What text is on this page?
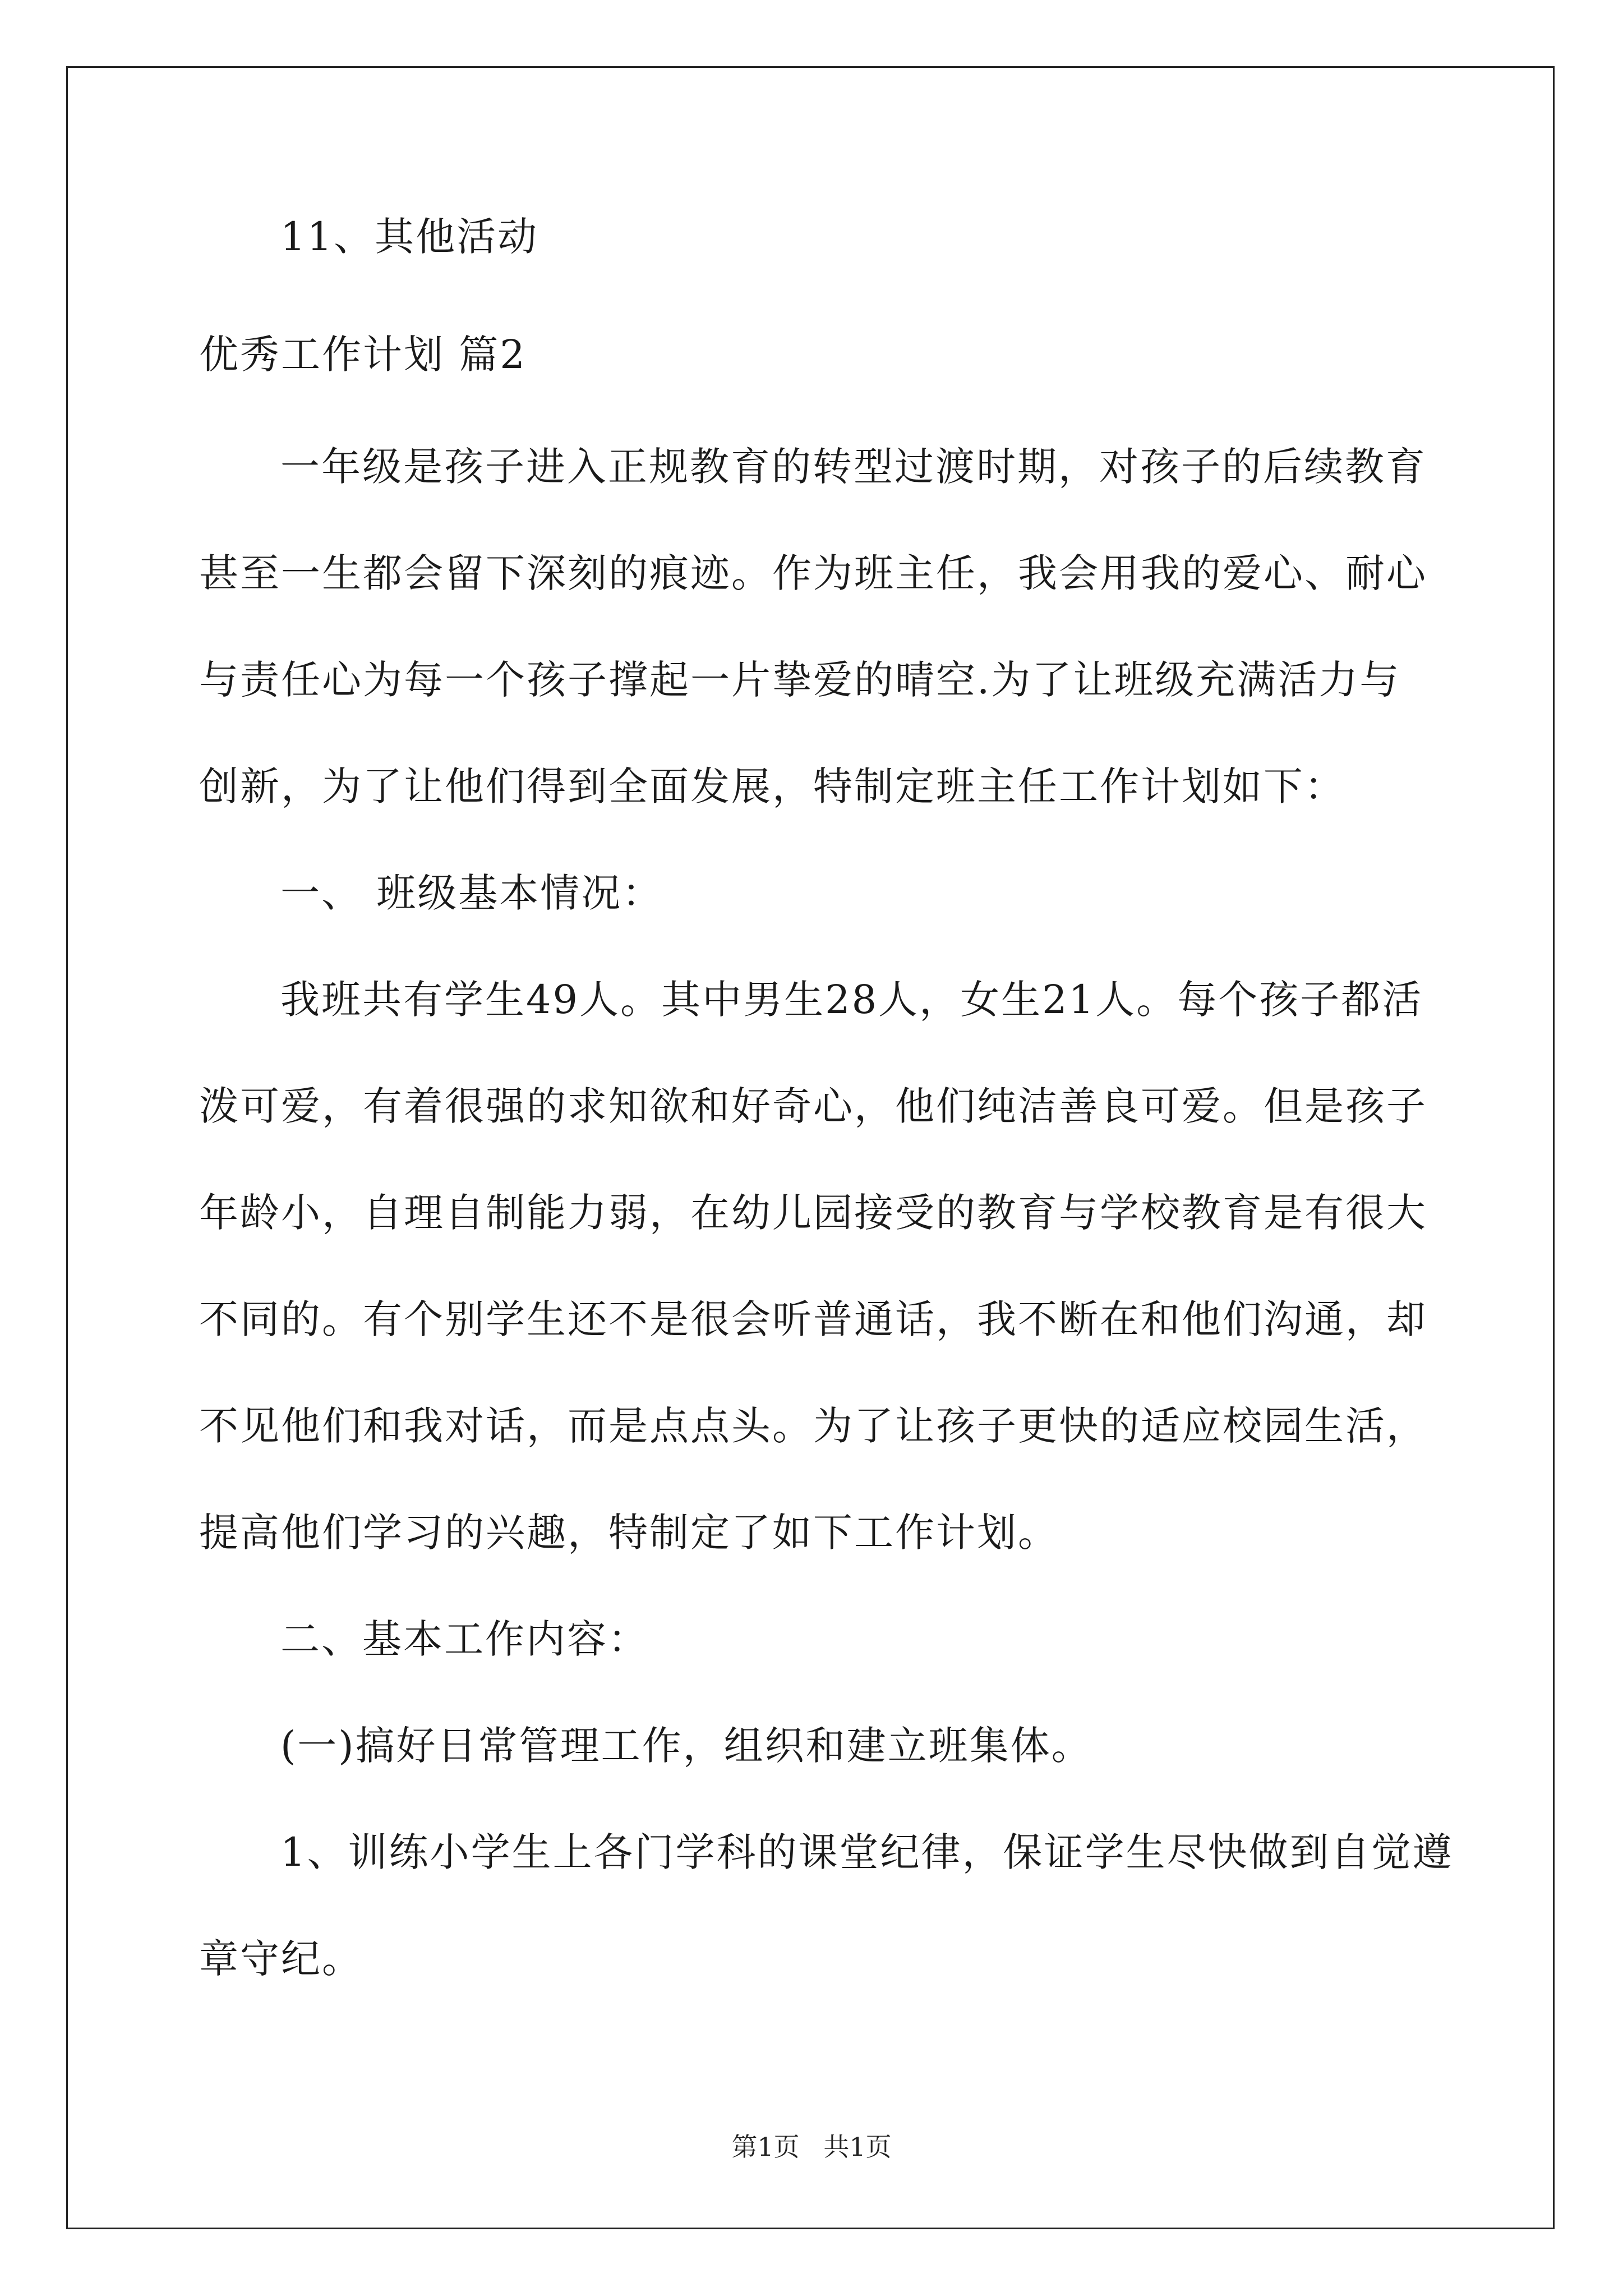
11、其他活动

优秀工作计划 篇2

一年级是孩子进入正规教育的转型过渡时期，对孩子的后续教育

甚至一生都会留下深刻的痕迹。作为班主任，我会用我的爱心、耐心

与责任心为每一个孩子撑起一片挚爱的晴空.为了让班级充满活力与

创新，为了让他们得到全面发展，特制定班主任工作计划如下：

一、 班级基本情况：

我班共有学生49人。其中男生28人，女生21人。每个孩子都活

泼可爱，有着很强的求知欲和好奇心，他们纯洁善良可爱。但是孩子

年龄小，自理自制能力弱，在幼儿园接受的教育与学校教育是有很大

不同的。有个别学生还不是很会听普通话，我不断在和他们沟通，却

不见他们和我对话，而是点点头。为了让孩子更快的适应校园生活，

提高他们学习的兴趣，特制定了如下工作计划。

二、基本工作内容：

(一)搞好日常管理工作，组织和建立班集体。

1、训练小学生上各门学科的课堂纪律，保证学生尽快做到自觉遵

章守纪。

第1页 共1页
